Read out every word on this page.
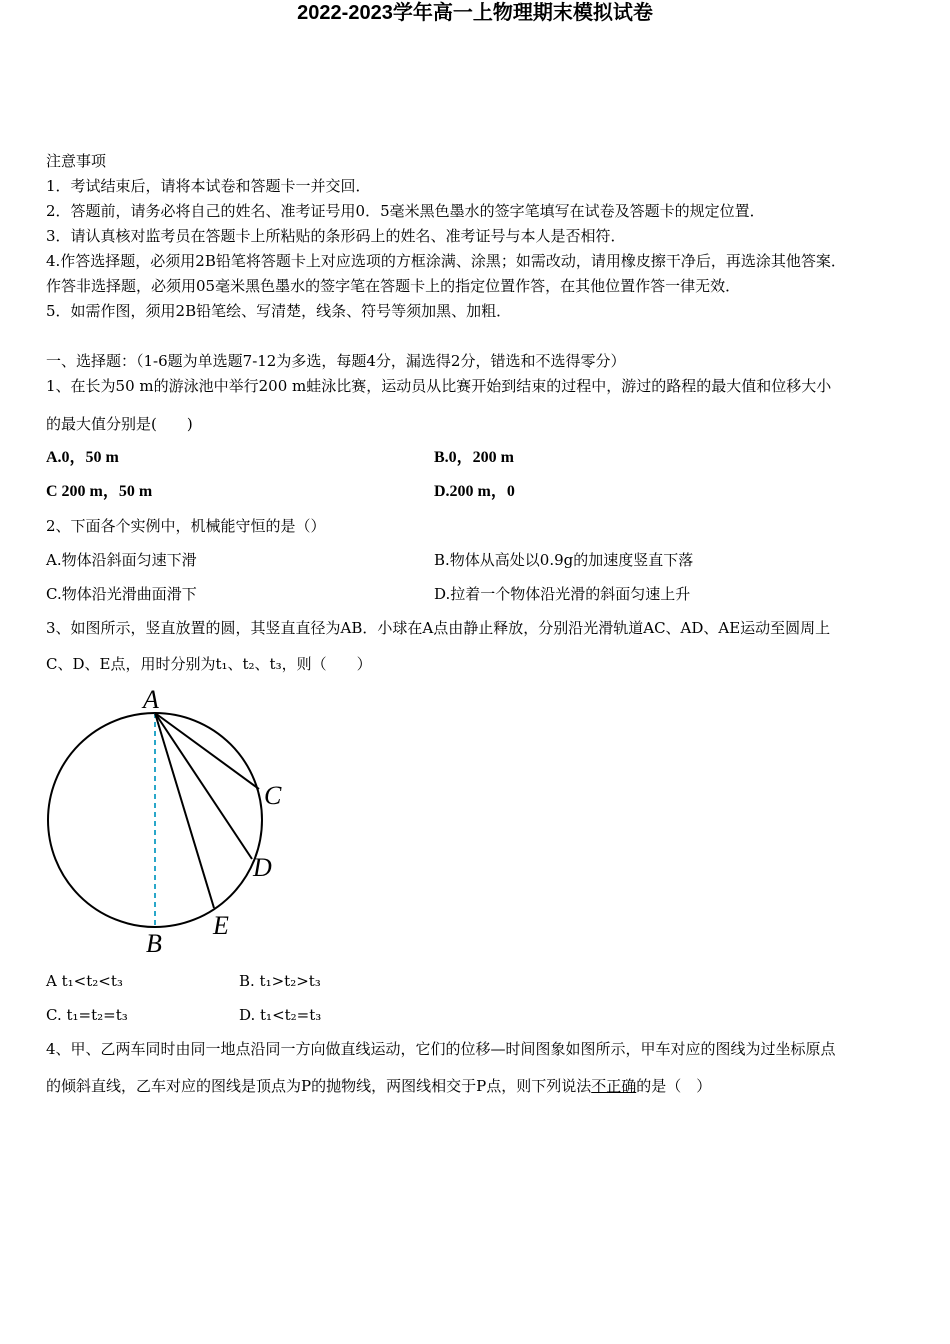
2022-2023学年高一上物理期末模拟试卷
注意事项
1．考试结束后，请将本试卷和答题卡一并交回．
2．答题前，请务必将自己的姓名、准考证号用0．5毫米黑色墨水的签字笔填写在试卷及答题卡的规定位置．
3．请认真核对监考员在答题卡上所粘贴的条形码上的姓名、准考证号与本人是否相符．
4.作答选择题，必须用2B铅笔将答题卡上对应选项的方框涂满、涂黑；如需改动，请用橡皮擦干净后，再选涂其他答案．
作答非选择题，必须用05毫米黑色墨水的签字笔在答题卡上的指定位置作答，在其他位置作答一律无效．
5．如需作图，须用2B铅笔绘、写清楚，线条、符号等须加黑、加粗．
一、选择题：（1-6题为单选题7-12为多选，每题4分，漏选得2分，错选和不选得零分）
1、在长为50 m的游泳池中举行200 m蛙泳比赛，运动员从比赛开始到结束的过程中，游过的路程的最大值和位移大小
的最大值分别是(　　)
A.0，50 m	B.0，200 m
C 200 m，50 m	D.200 m，0
2、下面各个实例中，机械能守恒的是（）
A.物体沿斜面匀速下滑	B.物体从高处以0.9g的加速度竖直下落
C.物体沿光滑曲面滑下	D.拉着一个物体沿光滑的斜面匀速上升
3、如图所示，竖直放置的圆，其竖直直径为AB．小球在A点由静止释放，分别沿光滑轨道AC、AD、AE运动至圆周上
C、D、E点，用时分别为t₁、t₂、t₃，则（　　）
A
B
C
D
E
A t₁<t₂<t₃	B. t₁>t₂>t₃
C. t₁=t₂=t₃	D. t₁<t₂=t₃
4、甲、乙两车同时由同一地点沿同一方向做直线运动，它们的位移—时间图象如图所示，甲车对应的图线为过坐标原点
的倾斜直线，乙车对应的图线是顶点为P的抛物线，两图线相交于P点，则下列说法不正确的是（　）
